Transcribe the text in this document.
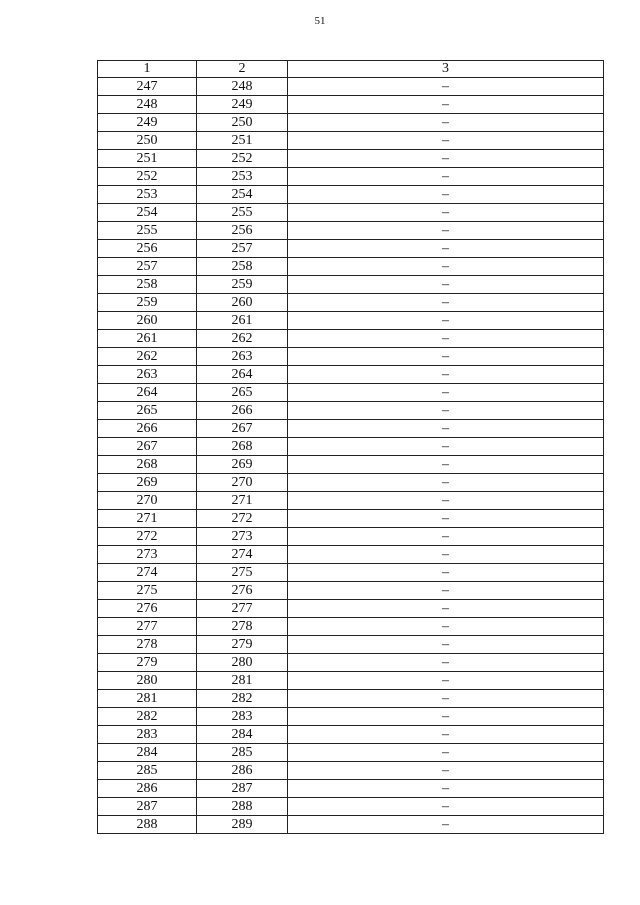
51
1	2	3
247	248	–
248	249	–
249	250	–
250	251	–
251	252	–
252	253	–
253	254	–
254	255	–
255	256	–
256	257	–
257	258	–
258	259	–
259	260	–
260	261	–
261	262	–
262	263	–
263	264	–
264	265	–
265	266	–
266	267	–
267	268	–
268	269	–
269	270	–
270	271	–
271	272	–
272	273	–
273	274	–
274	275	–
275	276	–
276	277	–
277	278	–
278	279	–
279	280	–
280	281	–
281	282	–
282	283	–
283	284	–
284	285	–
285	286	–
286	287	–
287	288	–
288	289	–
